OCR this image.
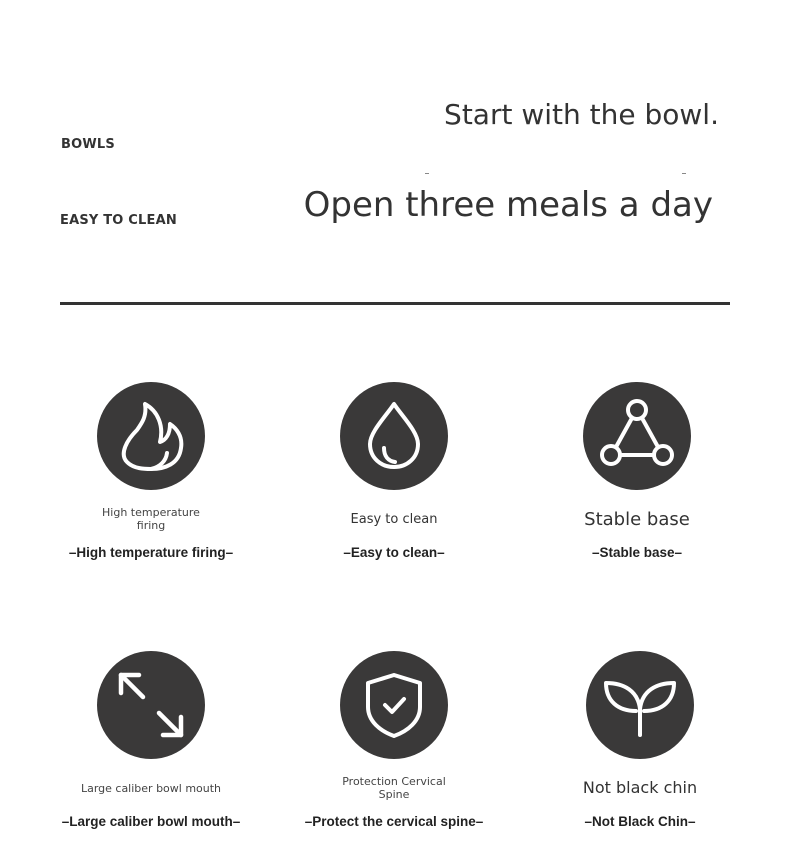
BOWLS
EASY TO CLEAN
Start with the bowl.
Open three meals a day
High temperature firing
–High temperature firing–
Easy to clean
–Easy to clean–
Stable base
–Stable base–
Large caliber bowl mouth
–Large caliber bowl mouth–
Protection Cervical Spine
–Protect the cervical spine–
Not black chin
–Not Black Chin–
